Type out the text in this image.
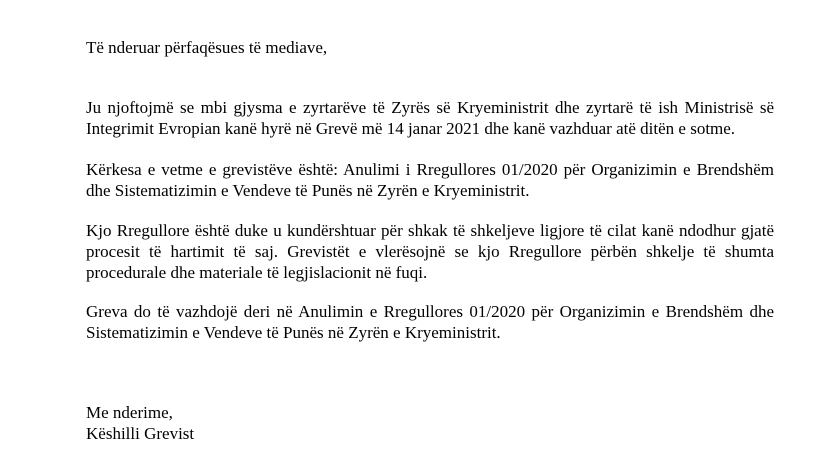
Të nderuar përfaqësues të mediave,
Ju njoftojmë se mbi gjysma e zyrtarëve të Zyrës së Kryeministrit dhe zyrtarë të ish Ministrisë së
Integrimit Evropian kanë hyrë në Grevë më 14 janar 2021 dhe kanë vazhduar atë ditën e sotme.
Kërkesa e vetme e grevistëve është: Anulimi i Rregullores 01/2020 për Organizimin e Brendshëm
dhe Sistematizimin e Vendeve të Punës në Zyrën e Kryeministrit.
Kjo Rregullore është duke u kundërshtuar për shkak të shkeljeve ligjore të cilat kanë ndodhur gjatë
procesit të hartimit të saj. Grevistët e vlerësojnë se kjo Rregullore përbën shkelje të shumta
procedurale dhe materiale të legjislacionit në fuqi.
Greva do të vazhdojë deri në Anulimin e Rregullores 01/2020 për Organizimin e Brendshëm dhe
Sistematizimin e Vendeve të Punës në Zyrën e Kryeministrit.
Me nderime,
Këshilli Grevist
